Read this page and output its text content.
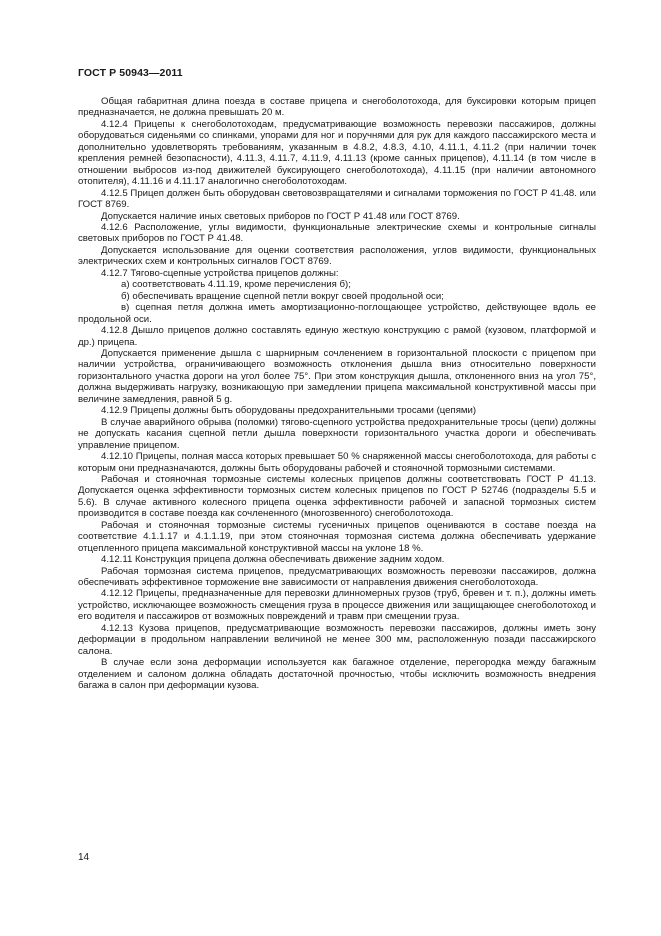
ГОСТ Р 50943—2011

Общая габаритная длина поезда в составе прицепа и снегоболотохода, для буксировки которым прицеп предназначается, не должна превышать 20 м.

4.12.4 Прицепы к снегоболотоходам, предусматривающие возможность перевозки пассажиров, должны оборудоваться сиденьями со спинками, упорами для ног и поручнями для рук для каждого пассажирского места и дополнительно удовлетворять требованиям, указанным в 4.8.2, 4.8.3, 4.10, 4.11.1, 4.11.2 (при наличии точек крепления ремней безопасности), 4.11.3, 4.11.7, 4.11.9, 4.11.13 (кроме санных прицепов), 4.11.14 (в том числе в отношении выбросов из-под движителей буксирующего снегоболотохода), 4.11.15 (при наличии автономного отопителя), 4.11.16 и 4.11.17 аналогично снегоболотоходам.

4.12.5 Прицеп должен быть оборудован световозвращателями и сигналами торможения по ГОСТ Р 41.48. или ГОСТ 8769.

Допускается наличие иных световых приборов по ГОСТ Р 41.48 или ГОСТ 8769.

4.12.6 Расположение, углы видимости, функциональные электрические схемы и контрольные сигналы световых приборов по ГОСТ Р 41.48.

Допускается использование для оценки соответствия расположения, углов видимости, функциональных электрических схем и контрольных сигналов ГОСТ 8769.

4.12.7 Тягово-сцепные устройства прицепов должны:

а) соответствовать 4.11.19, кроме перечисления б);

б) обеспечивать вращение сцепной петли вокруг своей продольной оси;

в) сцепная петля должна иметь амортизационно-поглощающее устройство, действующее вдоль ее продольной оси.

4.12.8 Дышло прицепов должно составлять единую жесткую конструкцию с рамой (кузовом, платформой и др.) прицепа.

Допускается применение дышла с шарнирным сочленением в горизонтальной плоскости с прицепом при наличии устройства, ограничивающего возможность отклонения дышла вниз относительно поверхности горизонтального участка дороги на угол более 75°. При этом конструкция дышла, отклоненного вниз на угол 75°, должна выдерживать нагрузку, возникающую при замедлении прицепа максимальной конструктивной массы при величине замедления, равной 5 g.

4.12.9 Прицепы должны быть оборудованы предохранительными тросами (цепями)

В случае аварийного обрыва (поломки) тягово-сцепного устройства предохранительные тросы (цепи) должны не допускать касания сцепной петли дышла поверхности горизонтального участка дороги и обеспечивать управление прицепом.

4.12.10 Прицепы, полная масса которых превышает 50 % снаряженной массы снегоболотохода, для работы с которым они предназначаются, должны быть оборудованы рабочей и стояночной тормозными системами.

Рабочая и стояночная тормозные системы колесных прицепов должны соответствовать ГОСТ Р 41.13. Допускается оценка эффективности тормозных систем колесных прицепов по ГОСТ Р 52746 (подразделы 5.5 и 5.6). В случае активного колесного прицепа оценка эффективности рабочей и запасной тормозных систем производится в составе поезда как сочлененного (многозвенного) снегоболотохода.

Рабочая и стояночная тормозные системы гусеничных прицепов оцениваются в составе поезда на соответствие 4.1.1.17 и 4.1.1.19, при этом стояночная тормозная система должна обеспечивать удержание отцепленного прицепа максимальной конструктивной массы на уклоне 18 %.

4.12.11 Конструкция прицепа должна обеспечивать движение задним ходом.

Рабочая тормозная система прицепов, предусматривающих возможность перевозки пассажиров, должна обеспечивать эффективное торможение вне зависимости от направления движения снегоболотохода.

4.12.12 Прицепы, предназначенные для перевозки длинномерных грузов (труб, бревен и т. п.), должны иметь устройство, исключающее возможность смещения груза в процессе движения или защищающее снегоболотоход и его водителя и пассажиров от возможных повреждений и травм при смещении груза.

4.12.13 Кузова прицепов, предусматривающие возможность перевозки пассажиров, должны иметь зону деформации в продольном направлении величиной не менее 300 мм, расположенную позади пассажирского салона.

В случае если зона деформации используется как багажное отделение, перегородка между багажным отделением и салоном должна обладать достаточной прочностью, чтобы исключить возможность внедрения багажа в салон при деформации кузова.

14
